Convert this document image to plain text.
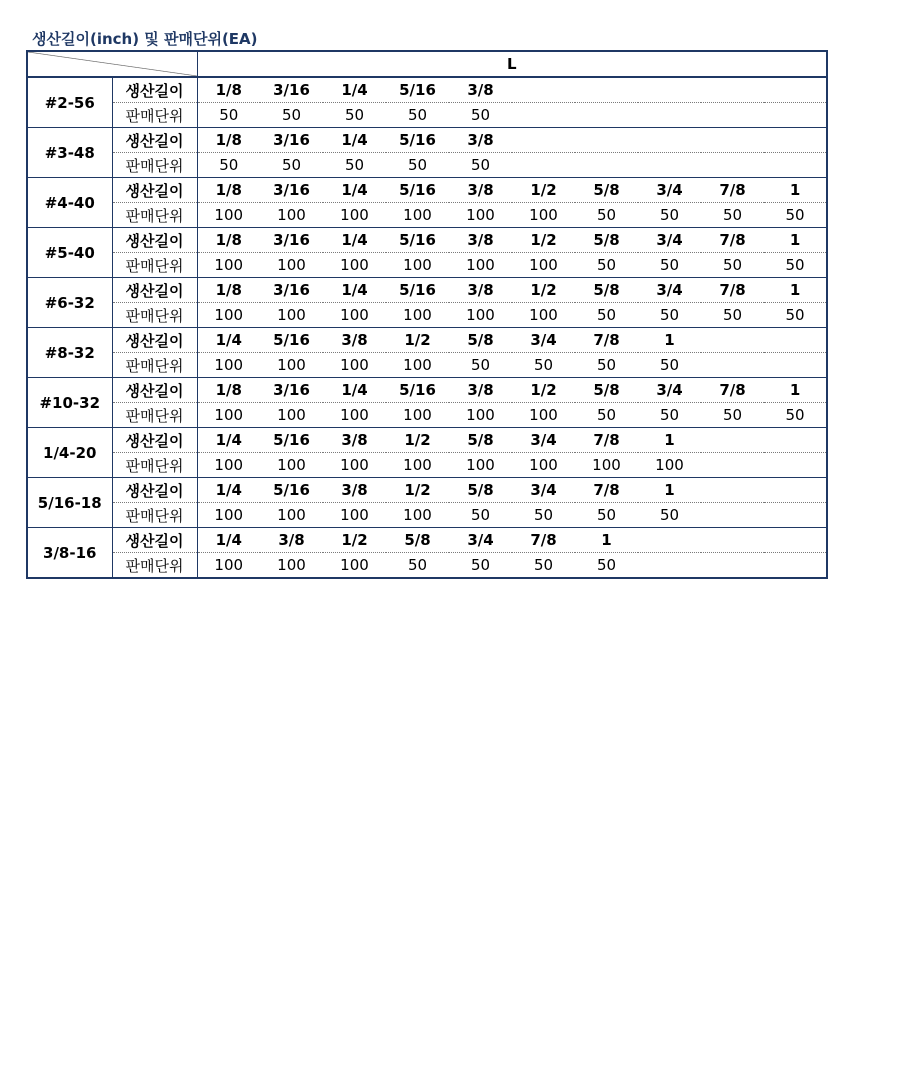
생산길이(inch) 및 판매단위(EA)
		L									
#2-56	생산길이	1/8	3/16	1/4	5/16	3/8					
	판매단위	50	50	50	50	50					
#3-48	생산길이	1/8	3/16	1/4	5/16	3/8					
	판매단위	50	50	50	50	50					
#4-40	생산길이	1/8	3/16	1/4	5/16	3/8	1/2	5/8	3/4	7/8	1
	판매단위	100	100	100	100	100	100	50	50	50	50
#5-40	생산길이	1/8	3/16	1/4	5/16	3/8	1/2	5/8	3/4	7/8	1
	판매단위	100	100	100	100	100	100	50	50	50	50
#6-32	생산길이	1/8	3/16	1/4	5/16	3/8	1/2	5/8	3/4	7/8	1
	판매단위	100	100	100	100	100	100	50	50	50	50
#8-32	생산길이	1/4	5/16	3/8	1/2	5/8	3/4	7/8	1		
	판매단위	100	100	100	100	50	50	50	50		
#10-32	생산길이	1/8	3/16	1/4	5/16	3/8	1/2	5/8	3/4	7/8	1
	판매단위	100	100	100	100	100	100	50	50	50	50
1/4-20	생산길이	1/4	5/16	3/8	1/2	5/8	3/4	7/8	1		
	판매단위	100	100	100	100	100	100	100	100		
5/16-18	생산길이	1/4	5/16	3/8	1/2	5/8	3/4	7/8	1		
	판매단위	100	100	100	100	50	50	50	50		
3/8-16	생산길이	1/4	3/8	1/2	5/8	3/4	7/8	1			
	판매단위	100	100	100	50	50	50	50			
